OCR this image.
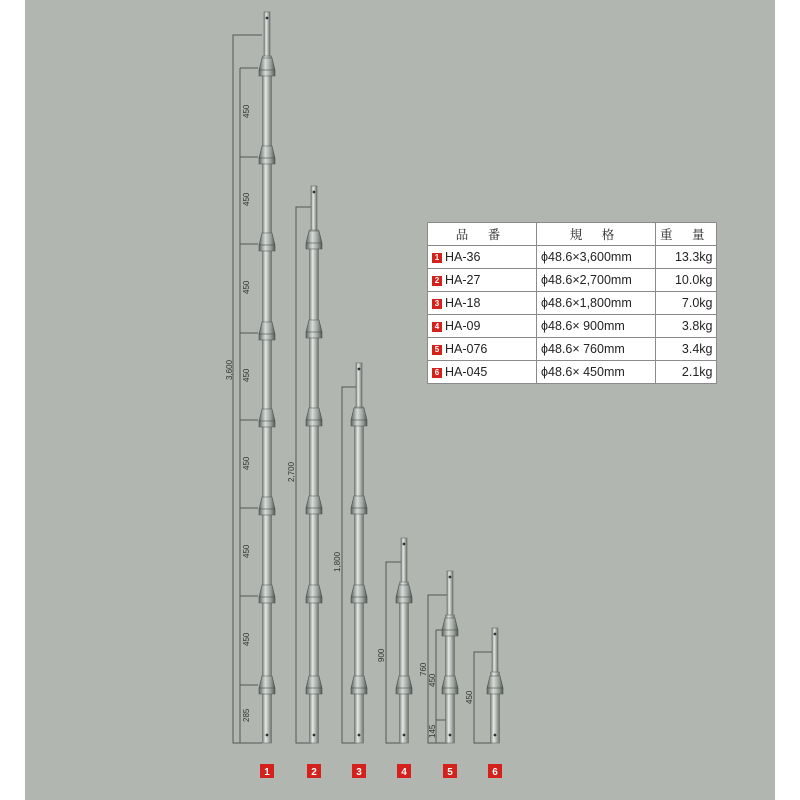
3,600
450
450
450
450
450
450
450
285
2,700
1,800
900
760
450
145
450
1	2	3	4	5	6
品 番	規 格	重 量
1 HA-36	ϕ48.6×3,600mm	13.3kg
2 HA-27	ϕ48.6×2,700mm	10.0kg
3 HA-18	ϕ48.6×1,800mm	7.0kg
4 HA-09	ϕ48.6× 900mm	3.8kg
5 HA-076	ϕ48.6× 760mm	3.4kg
6 HA-045	ϕ48.6× 450mm	2.1kg
